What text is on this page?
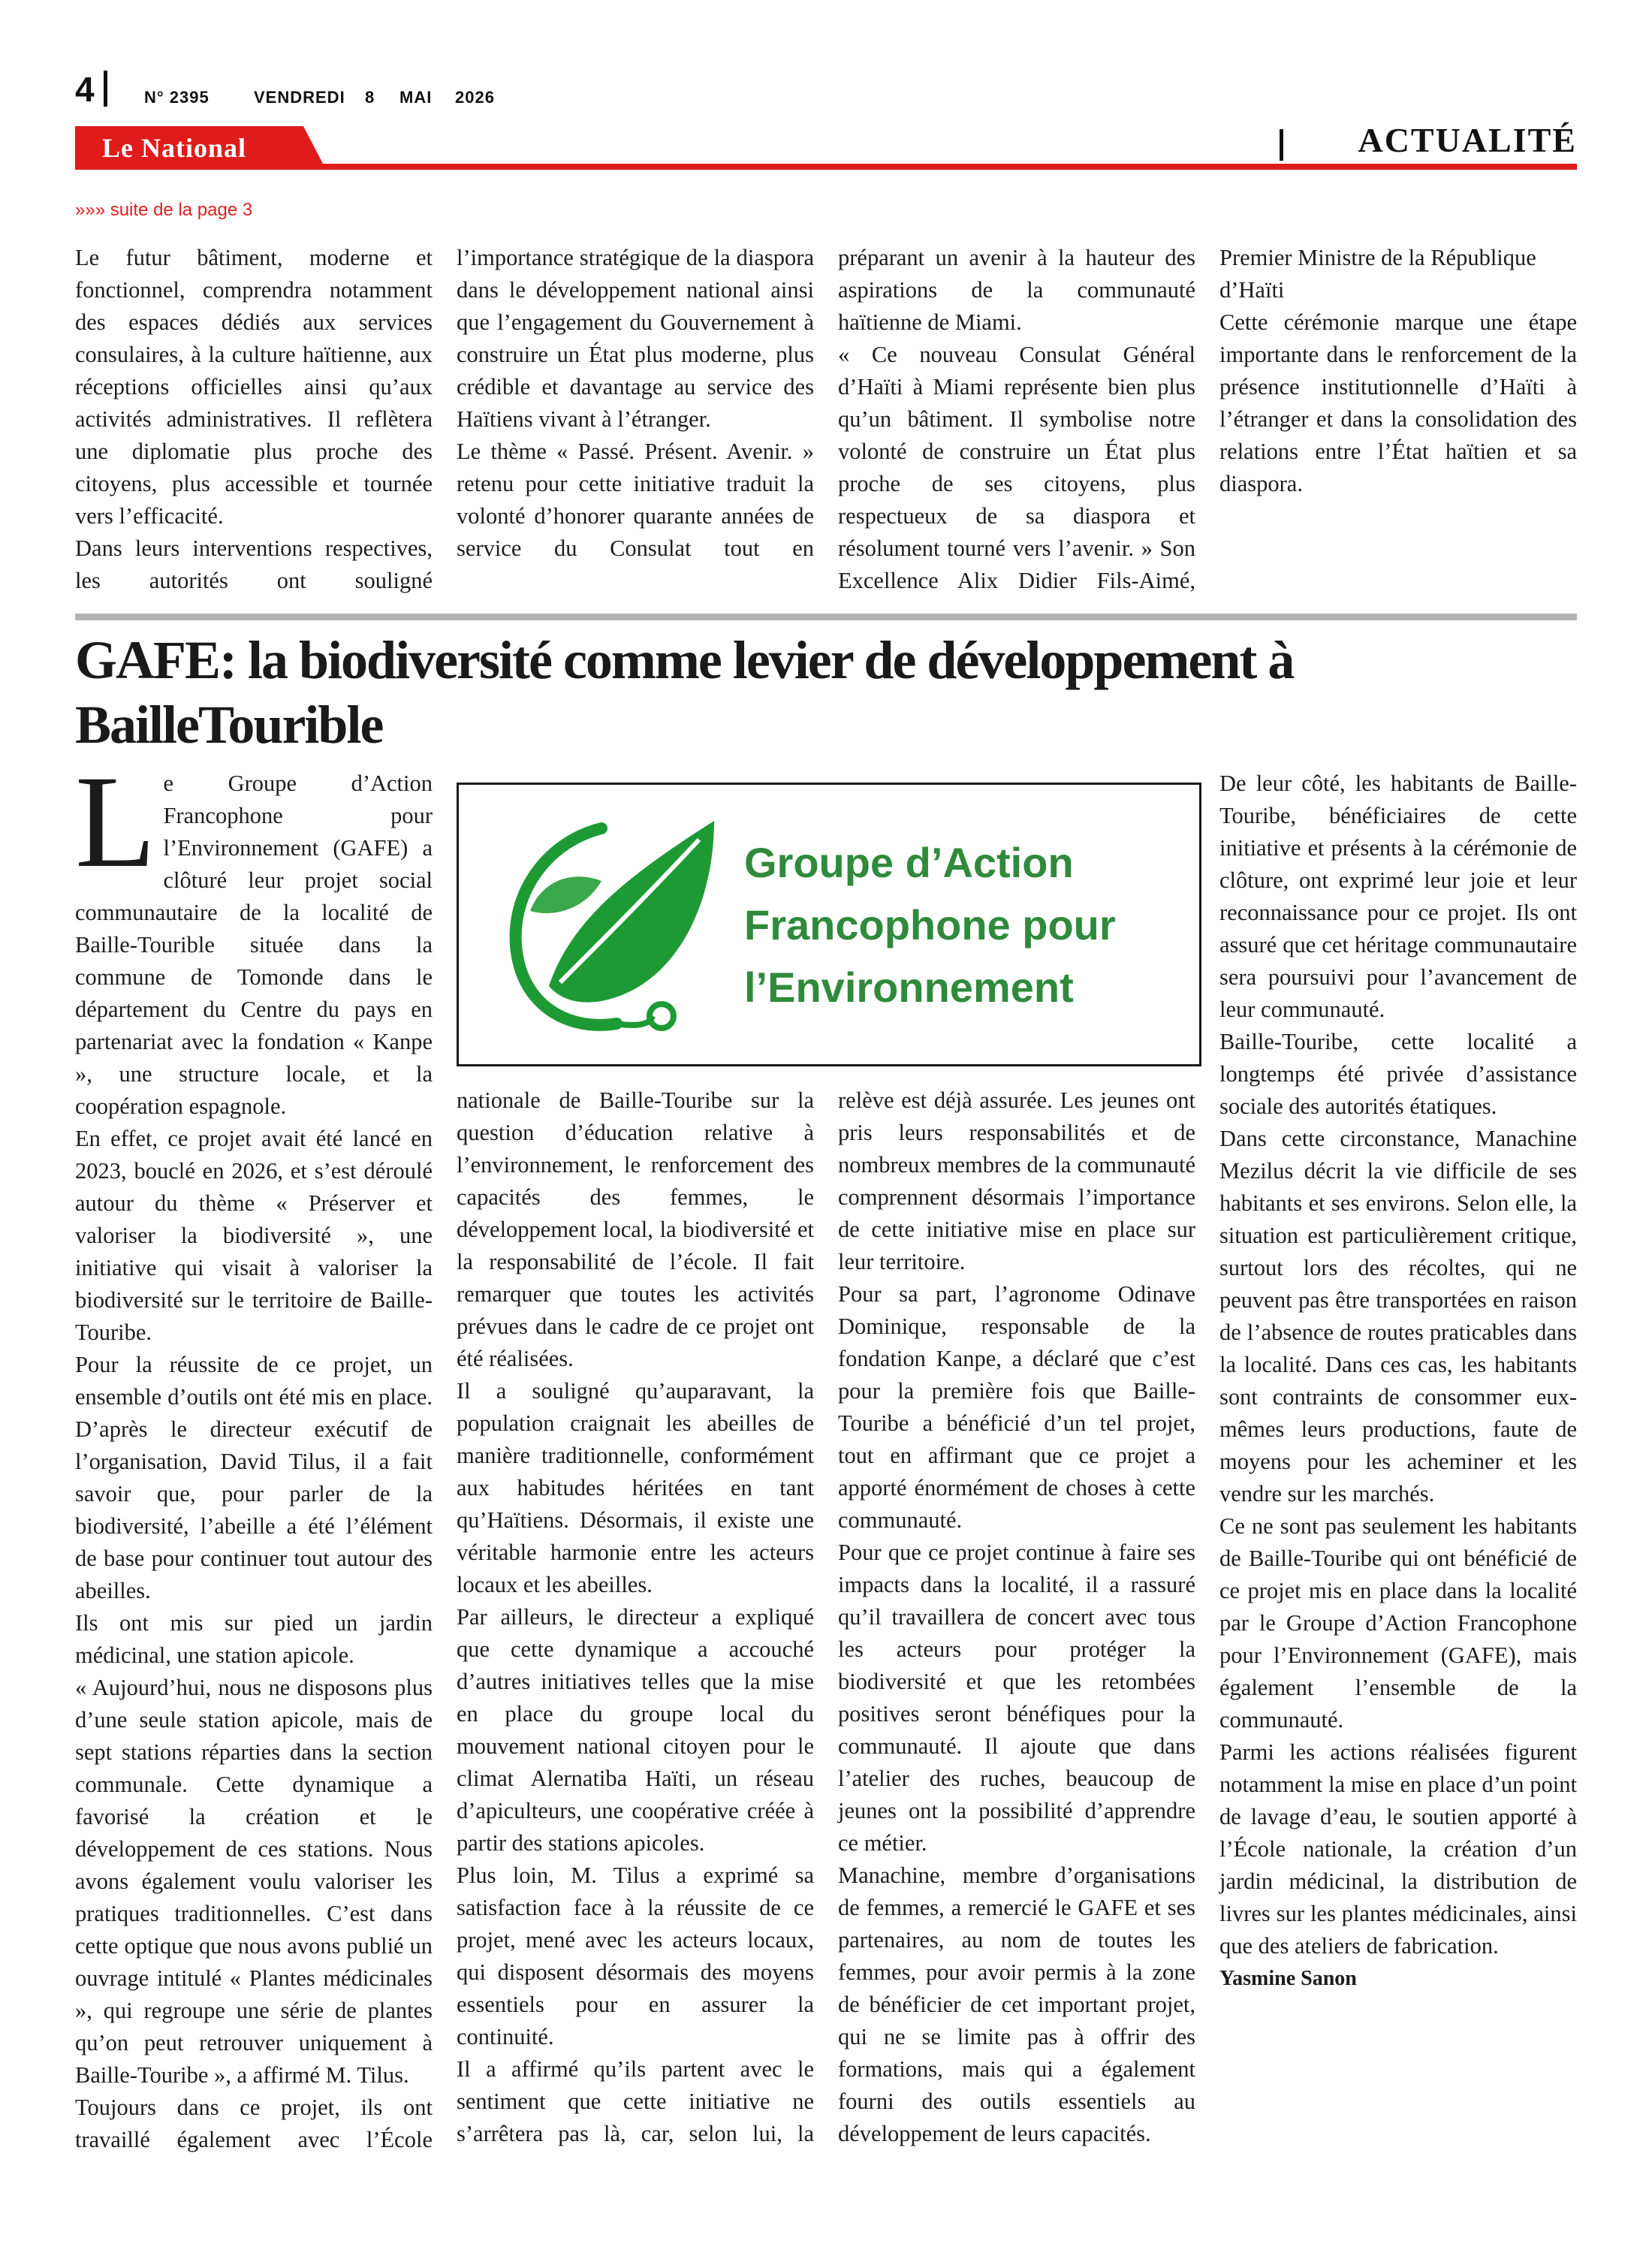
4	N° 2395	VENDREDI 8 MAI 2026
Le National	ACTUALITÉ
»»» suite de la page 3

Le futur bâtiment, moderne et fonctionnel, comprendra notamment des espaces dédiés aux services consulaires, à la culture haïtienne, aux réceptions officielles ainsi qu’aux activités administratives. Il reflètera une diplomatie plus proche des citoyens, plus accessible et tournée vers l’efficacité.

Dans leurs interventions respectives, les autorités ont souligné

l’importance stratégique de la diaspora dans le développement national ainsi que l’engagement du Gouvernement à construire un État plus moderne, plus crédible et davantage au service des Haïtiens vivant à l’étranger.

Le thème « Passé. Présent. Avenir. » retenu pour cette initiative traduit la volonté d’honorer quarante années de service du Consulat tout en

préparant un avenir à la hauteur des aspirations de la communauté haïtienne de Miami.

« Ce nouveau Consulat Général d’Haïti à Miami représente bien plus qu’un bâtiment. Il symbolise notre volonté de construire un État plus proche de ses citoyens, plus respectueux de sa diaspora et résolument tourné vers l’avenir. » Son Excellence Alix Didier Fils-Aimé,

Premier Ministre de la République d’Haïti

Cette cérémonie marque une étape importante dans le renforcement de la présence institutionnelle d’Haïti à l’étranger et dans la consolidation des relations entre l’État haïtien et sa diaspora.

GAFE: la biodiversité comme levier de développement à BailleTourible

Le Groupe d’Action Francophone pour l’Environnement (GAFE) a clôturé leur projet social communautaire de la localité de Baille-Tourible située dans la commune de Tomonde dans le département du Centre du pays en partenariat avec la fondation « Kanpe », une structure locale, et la coopération espagnole.

En effet, ce projet avait été lancé en 2023, bouclé en 2026, et s’est déroulé autour du thème « Préserver et valoriser la biodiversité », une initiative qui visait à valoriser la biodiversité sur le territoire de Baille-Touribe.

Pour la réussite de ce projet, un ensemble d’outils ont été mis en place. D’après le directeur exécutif de l’organisation, David Tilus, il a fait savoir que, pour parler de la biodiversité, l’abeille a été l’élément de base pour continuer tout autour des abeilles.

Ils ont mis sur pied un jardin médicinal, une station apicole.

« Aujourd’hui, nous ne disposons plus d’une seule station apicole, mais de sept stations réparties dans la section communale. Cette dynamique a favorisé la création et le développement de ces stations. Nous avons également voulu valoriser les pratiques traditionnelles. C’est dans cette optique que nous avons publié un ouvrage intitulé « Plantes médicinales », qui regroupe une série de plantes qu’on peut retrouver uniquement à Baille-Touribe », a affirmé M. Tilus.

Toujours dans ce projet, ils ont travaillé également avec l’École

Groupe d’Action
Francophone pour
l’Environnement

nationale de Baille-Touribe sur la question d’éducation relative à l’environnement, le renforcement des capacités des femmes, le développement local, la biodiversité et la responsabilité de l’école. Il fait remarquer que toutes les activités prévues dans le cadre de ce projet ont été réalisées.

Il a souligné qu’auparavant, la population craignait les abeilles de manière traditionnelle, conformément aux habitudes héritées en tant qu’Haïtiens. Désormais, il existe une véritable harmonie entre les acteurs locaux et les abeilles.

Par ailleurs, le directeur a expliqué que cette dynamique a accouché d’autres initiatives telles que la mise en place du groupe local du mouvement national citoyen pour le climat Alernatiba Haïti, un réseau d’apiculteurs, une coopérative créée à partir des stations apicoles.

Plus loin, M. Tilus a exprimé sa satisfaction face à la réussite de ce projet, mené avec les acteurs locaux, qui disposent désormais des moyens essentiels pour en assurer la continuité.

Il a affirmé qu’ils partent avec le sentiment que cette initiative ne s’arrêtera pas là, car, selon lui, la

relève est déjà assurée. Les jeunes ont pris leurs responsabilités et de nombreux membres de la communauté comprennent désormais l’importance de cette initiative mise en place sur leur territoire.

Pour sa part, l’agronome Odinave Dominique, responsable de la fondation Kanpe, a déclaré que c’est pour la première fois que Baille-Touribe a bénéficié d’un tel projet, tout en affirmant que ce projet a apporté énormément de choses à cette communauté.

Pour que ce projet continue à faire ses impacts dans la localité, il a rassuré qu’il travaillera de concert avec tous les acteurs pour protéger la biodiversité et que les retombées positives seront bénéfiques pour la communauté. Il ajoute que dans l’atelier des ruches, beaucoup de jeunes ont la possibilité d’apprendre ce métier.

Manachine, membre d’organisations de femmes, a remercié le GAFE et ses partenaires, au nom de toutes les femmes, pour avoir permis à la zone de bénéficier de cet important projet, qui ne se limite pas à offrir des formations, mais qui a également fourni des outils essentiels au développement de leurs capacités.

De leur côté, les habitants de Baille-Touribe, bénéficiaires de cette initiative et présents à la cérémonie de clôture, ont exprimé leur joie et leur reconnaissance pour ce projet. Ils ont assuré que cet héritage communautaire sera poursuivi pour l’avancement de leur communauté.

Baille-Touribe, cette localité a longtemps été privée d’assistance sociale des autorités étatiques.

Dans cette circonstance, Manachine Mezilus décrit la vie difficile de ses habitants et ses environs. Selon elle, la situation est particulièrement critique, surtout lors des récoltes, qui ne peuvent pas être transportées en raison de l’absence de routes praticables dans la localité. Dans ces cas, les habitants sont contraints de consommer eux-mêmes leurs productions, faute de moyens pour les acheminer et les vendre sur les marchés.

Ce ne sont pas seulement les habitants de Baille-Touribe qui ont bénéficié de ce projet mis en place dans la localité par le Groupe d’Action Francophone pour l’Environnement (GAFE), mais également l’ensemble de la communauté.

Parmi les actions réalisées figurent notamment la mise en place d’un point de lavage d’eau, le soutien apporté à l’École nationale, la création d’un jardin médicinal, la distribution de livres sur les plantes médicinales, ainsi que des ateliers de fabrication.

Yasmine Sanon
